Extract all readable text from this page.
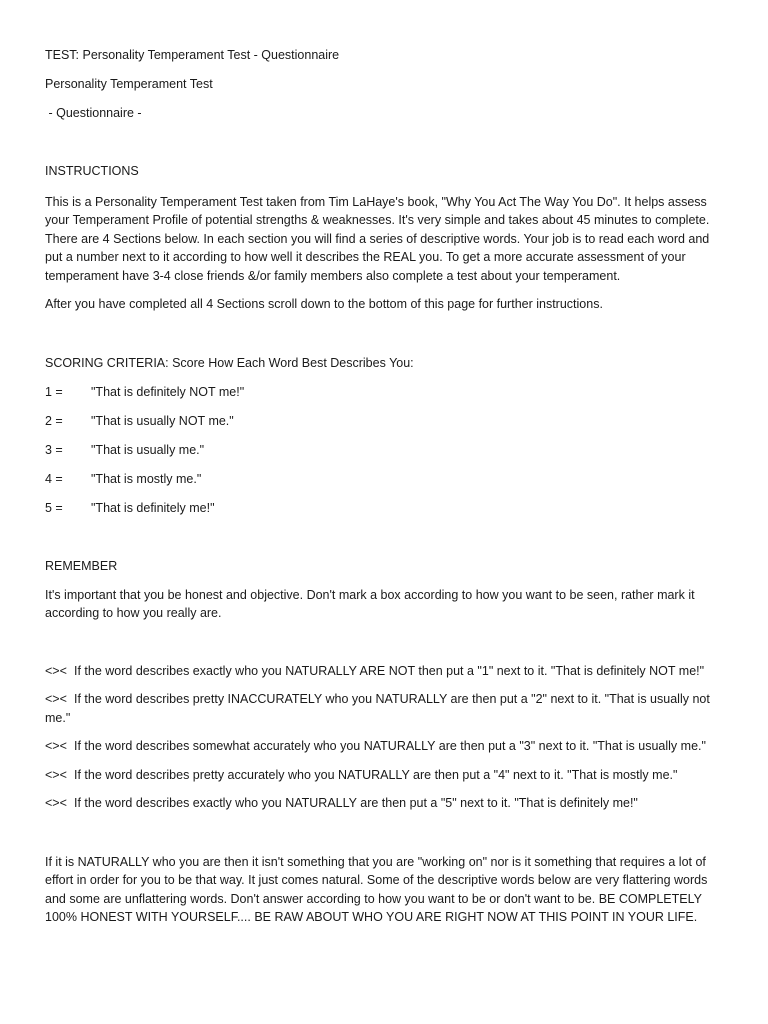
TEST: Personality Temperament Test - Questionnaire

Personality Temperament Test

- Questionnaire -

INSTRUCTIONS

This is a Personality Temperament Test taken from Tim LaHaye's book, "Why You Act The Way You Do". It helps assess your Temperament Profile of potential strengths & weaknesses. It's very simple and takes about 45 minutes to complete. There are 4 Sections below. In each section you will find a series of descriptive words. Your job is to read each word and put a number next to it according to how well it describes the REAL you. To get a more accurate assessment of your temperament have 3-4 close friends &/or family members also complete a test about your temperament.

After you have completed all 4 Sections scroll down to the bottom of this page for further instructions.

SCORING CRITERIA: Score How Each Word Best Describes You:

1 =	"That is definitely NOT me!"
2 =	"That is usually NOT me."
3 =	"That is usually me."
4 =	"That is mostly me."
5 =	"That is definitely me!"

REMEMBER

It's important that you be honest and objective. Don't mark a box according to how you want to be seen, rather mark it according to how you really are.

<>< If the word describes exactly who you NATURALLY ARE NOT then put a "1" next to it. "That is definitely NOT me!"

<>< If the word describes pretty INACCURATELY who you NATURALLY are then put a "2" next to it. "That is usually not me."

<>< If the word describes somewhat accurately who you NATURALLY are then put a "3" next to it. "That is usually me."

<>< If the word describes pretty accurately who you NATURALLY are then put a "4" next to it. "That is mostly me."

<>< If the word describes exactly who you NATURALLY are then put a "5" next to it. "That is definitely me!"

If it is NATURALLY who you are then it isn't something that you are "working on" nor is it something that requires a lot of effort in order for you to be that way. It just comes natural. Some of the descriptive words below are very flattering words and some are unflattering words. Don't answer according to how you want to be or don't want to be. BE COMPLETELY 100% HONEST WITH YOURSELF.... BE RAW ABOUT WHO YOU ARE RIGHT NOW AT THIS POINT IN YOUR LIFE.
